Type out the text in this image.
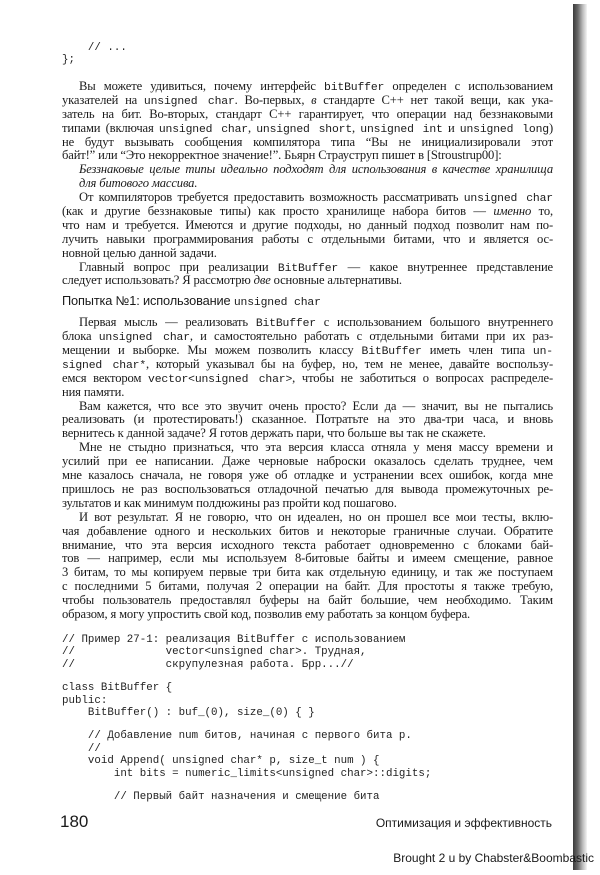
// ...
};
Вы можете удивиться, почему интерфейс bitBuffer определен с использованием
указателей на unsigned char. Во-первых, в стандарте С++ нет такой вещи, как ука-
затель на бит. Во-вторых, стандарт С++ гарантирует, что операции над беззнаковыми
типами (включая unsigned char, unsigned short, unsigned int и unsigned long)
не будут вызывать сообщения компилятора типа “Вы не инициализировали этот
байт!” или “Это некорректное значение!”. Бьярн Страуструп пишет в [Stroustrup00]:
Беззнаковые целые типы идеально подходят для использования в качестве хранилища
для битового массива.
От компиляторов требуется предоставить возможность рассматривать unsigned char
(как и другие беззнаковые типы) как просто хранилище набора битов — именно то,
что нам и требуется. Имеются и другие подходы, но данный подход позволит нам по-
лучить навыки программирования работы с отдельными битами, что и является ос-
новной целью данной задачи.
Главный вопрос при реализации BitBuffer — какое внутреннее представление
следует использовать? Я рассмотрю две основные альтернативы.
Попытка №1: использование unsigned char
Первая мысль — реализовать BitBuffer с использованием большого внутреннего
блока unsigned char, и самостоятельно работать с отдельными битами при их раз-
мещении и выборке. Мы можем позволить классу BitBuffer иметь член типа un-
signed char*, который указывал бы на буфер, но, тем не менее, давайте воспользу-
емся вектором vector<unsigned char>, чтобы не заботиться о вопросах распределе-
ния памяти.
Вам кажется, что все это звучит очень просто? Если да — значит, вы не пытались
реализовать (и протестировать!) сказанное. Потратьте на это два-три часа, и вновь
вернитесь к данной задаче? Я готов держать пари, что больше вы так не скажете.
Мне не стыдно признаться, что эта версия класса отняла у меня массу времени и
усилий при ее написании. Даже черновые наброски оказалось сделать труднее, чем
мне казалось сначала, не говоря уже об отладке и устранении всех ошибок, когда мне
пришлось не раз воспользоваться отладочной печатью для вывода промежуточных ре-
зультатов и как минимум полдюжины раз пройти код пошагово.
И вот результат. Я не говорю, что он идеален, но он прошел все мои тесты, вклю-
чая добавление одного и нескольких битов и некоторые граничные случаи. Обратите
внимание, что эта версия исходного текста работает одновременно с блоками бай-
тов — например, если мы используем 8-битовые байты и имеем смещение, равное
3 битам, то мы копируем первые три бита как отдельную единицу, и так же поступаем
с последними 5 битами, получая 2 операции на байт. Для простоты я также требую,
чтобы пользователь предоставлял буферы на байт большие, чем необходимо. Таким
образом, я могу упростить свой код, позволив ему работать за концом буфера.
// Пример 27-1: реализация BitBuffer с использованием
//              vector<unsigned char>. Трудная,
//              скрупулезная работа. Брр...//
class BitBuffer {
public:
BitBuffer() : buf_(0), size_(0) { }
// Добавление num битов, начиная с первого бита p.
//
void Append( unsigned char* p, size_t num ) {
int bits = numeric_limits<unsigned char>::digits;
// Первый байт назначения и смещение бита
180	Оптимизация и эффективность
Brought 2 u by Chabster&Boombastic
